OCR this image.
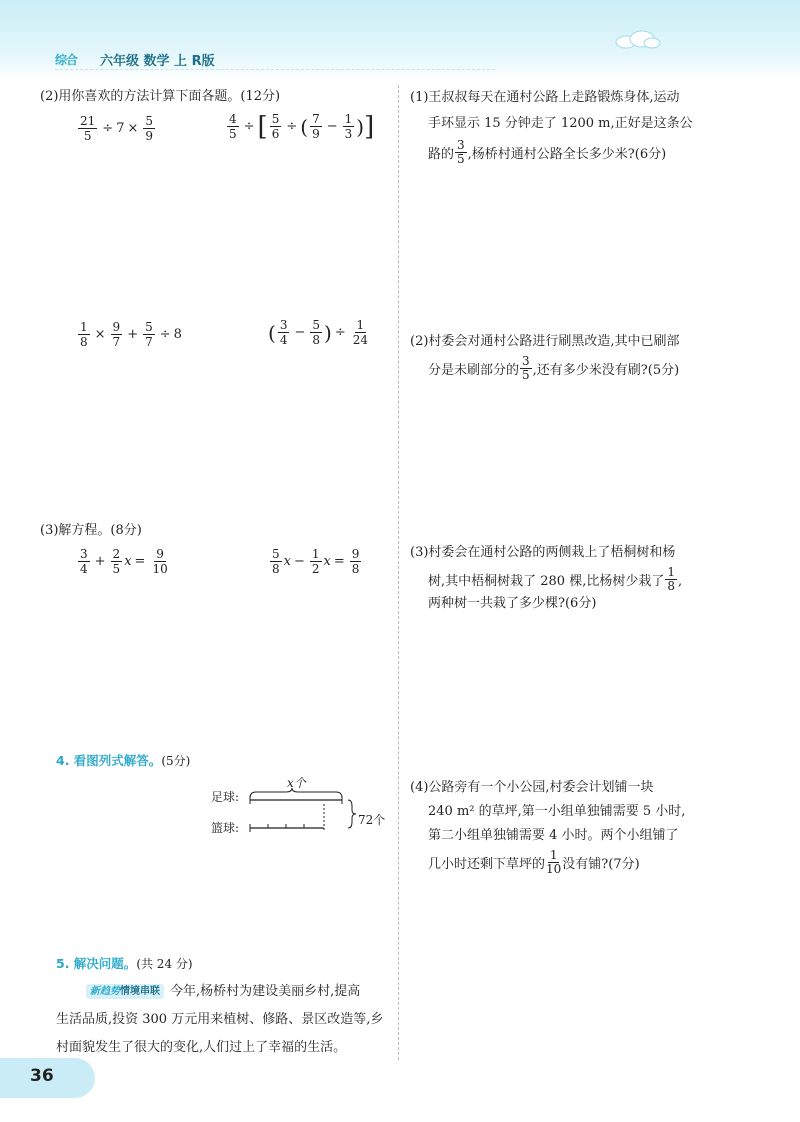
综合 六年级 数学 上 R版
(2)用你喜欢的方法计算下面各题。(12分)
$\frac{21}{5} \div 7 \times \frac{5}{9}$	$\frac{4}{5}$ ÷ [ $\frac{5}{6}$ ÷ ( $\frac{7}{9} - \frac{1}{3}$ ) ]
$\frac{1}{8} \times \frac{9}{7} + \frac{5}{7} \div 8$	( $\frac{3}{4} - \frac{5}{8}$ ) ÷ $\frac{1}{24}$
(3)解方程。(8分)
$\frac{3}{4} + \frac{2}{5}$ $x = \frac{9}{10}$	$\frac{5}{8}$ $x - \frac{1}{2}$ $x = \frac{9}{8}$
4. 看图列式解答。(5分)
足球:
篮球:
x个
72个
5. 解决问题。(共 24 分)
新趋势情境串联 今年,杨桥村为建设美丽乡村,提高
生活品质,投资 300 万元用来植树、修路、景区改造等,乡
村面貌发生了很大的变化,人们过上了幸福的生活。
(1)王叔叔每天在通村公路上走路锻炼身体,运动
手环显示 15 分钟走了 1200 m,正好是这条公
路的
3
5 ,杨桥村通村公路全长多少米?(6分)
(2)村委会对通村公路进行刷黑改造,其中已刷部
分是未刷部分的
3
5 ,还有多少米没有刷?(5分)
(3)村委会在通村公路的两侧栽上了梧桐树和杨
树,其中梧桐树栽了 280 棵,比杨树少栽了
1
8 ,
两种树一共栽了多少棵?(6分)
(4)公路旁有一个小公园,村委会计划铺一块
240 m² 的草坪,第一小组单独铺需要 5 小时,
第二小组单独铺需要 4 小时。两个小组铺了
几小时还剩下草坪的
1
10 没有铺?(7分)
36
